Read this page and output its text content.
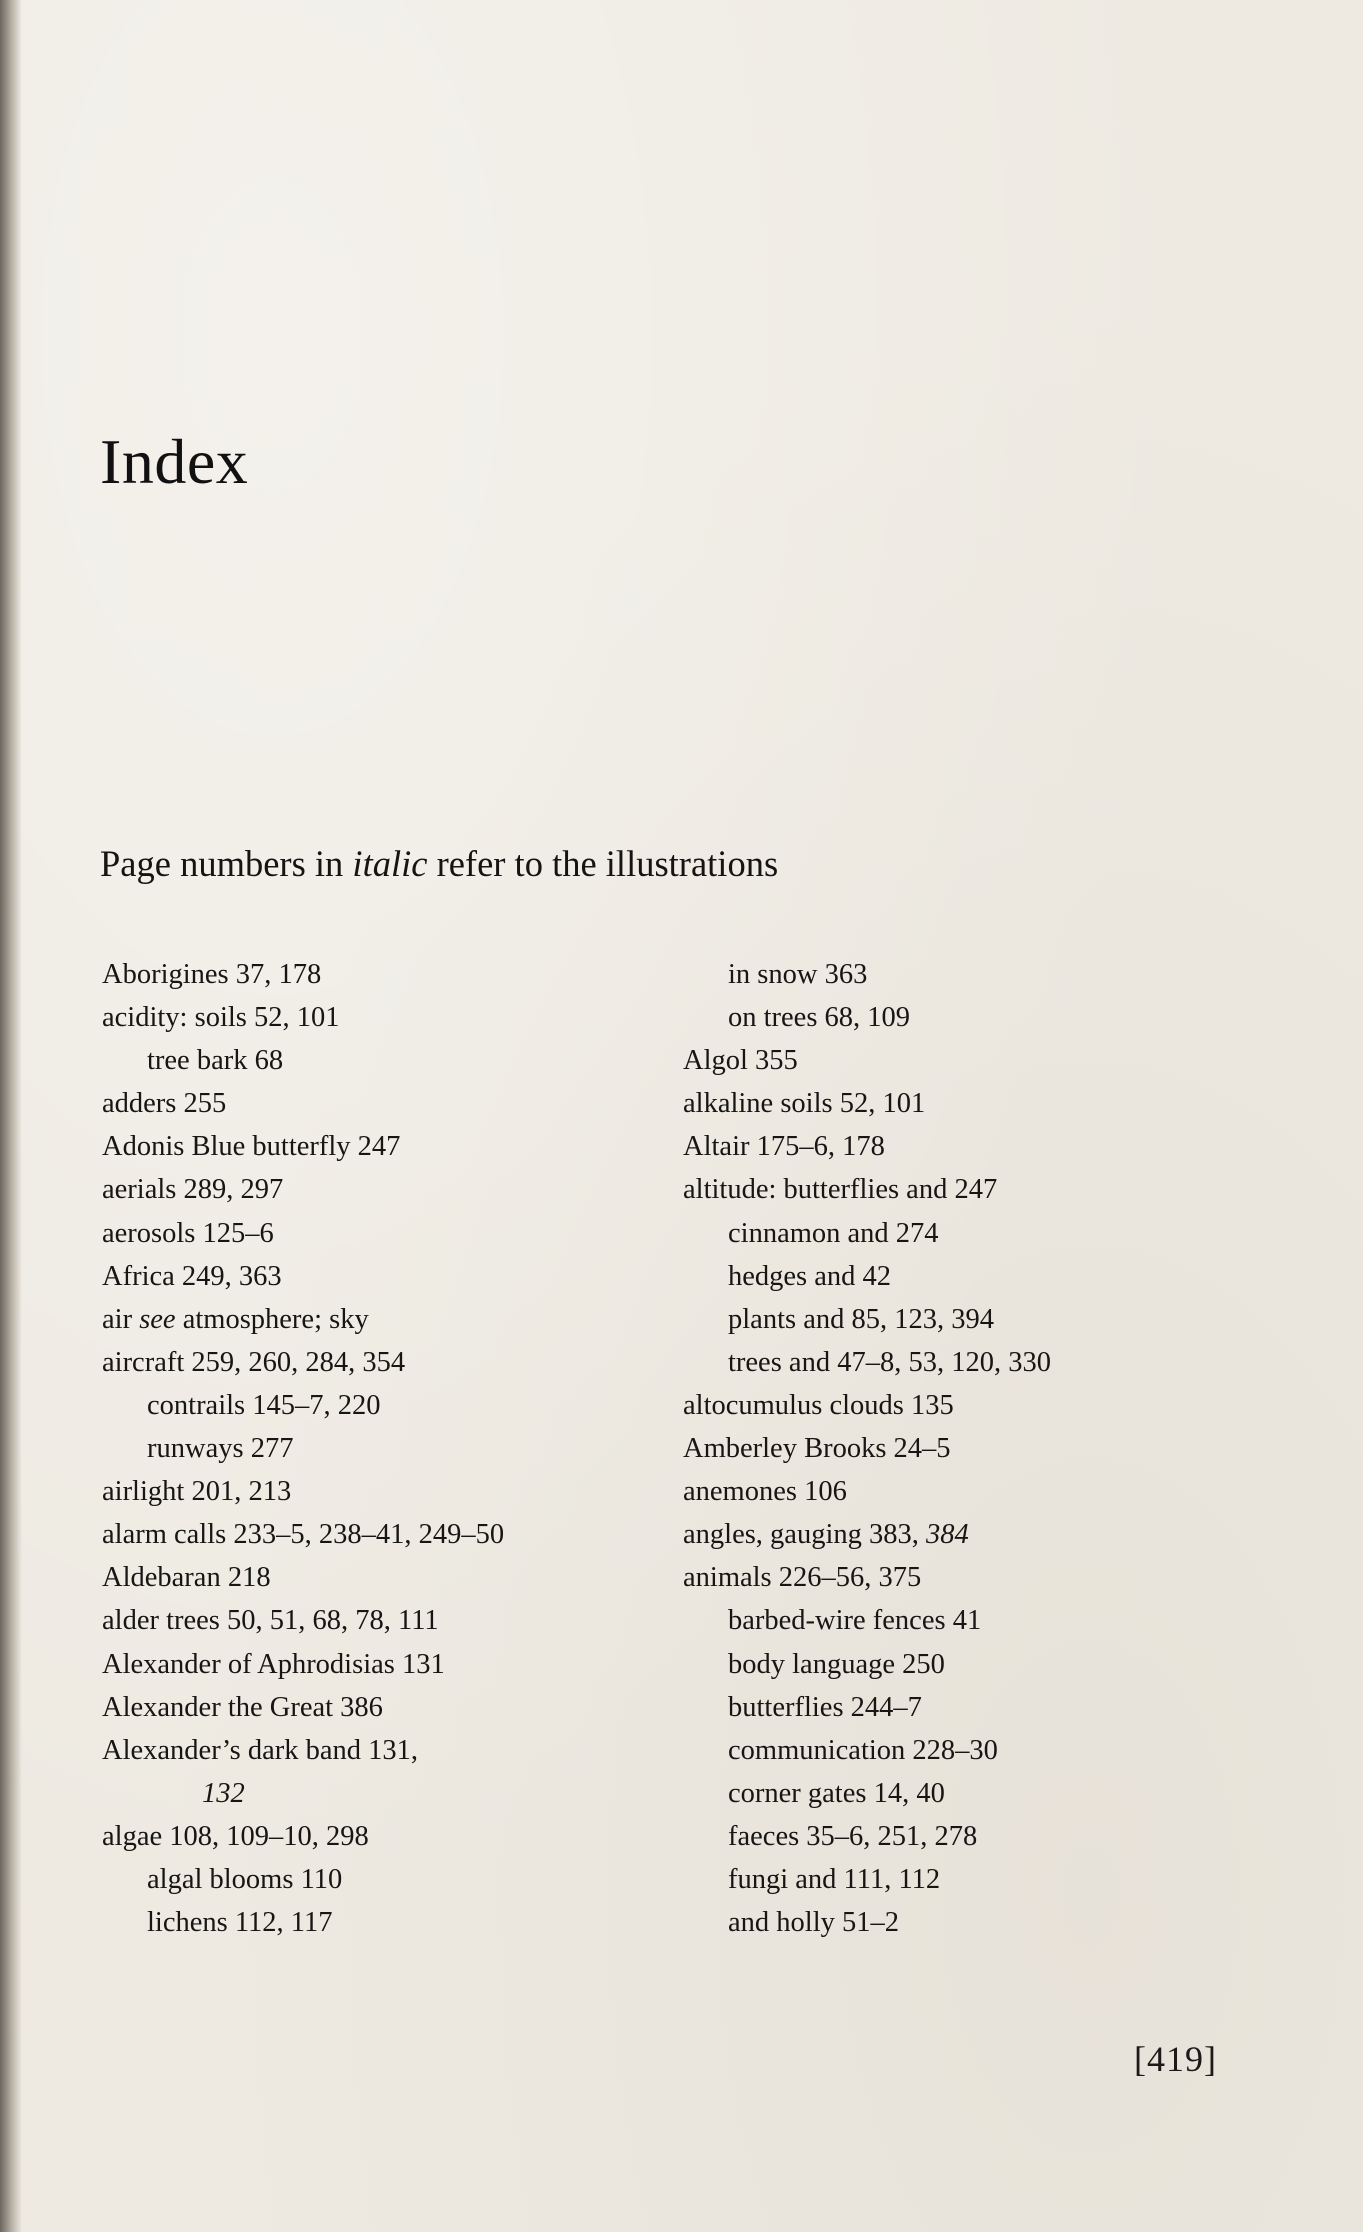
Index

Page numbers in italic refer to the illustrations

Aborigines 37, 178
acidity: soils 52, 101
tree bark 68
adders 255
Adonis Blue butterfly 247
aerials 289, 297
aerosols 125–6
Africa 249, 363
air see atmosphere; sky
aircraft 259, 260, 284, 354
contrails 145–7, 220
runways 277
airlight 201, 213
alarm calls 233–5, 238–41, 249–50
Aldebaran 218
alder trees 50, 51, 68, 78, 111
Alexander of Aphrodisias 131
Alexander the Great 386
Alexander’s dark band 131,
132
algae 108, 109–10, 298
algal blooms 110
lichens 112, 117
in snow 363
on trees 68, 109
Algol 355
alkaline soils 52, 101
Altair 175–6, 178
altitude: butterflies and 247
cinnamon and 274
hedges and 42
plants and 85, 123, 394
trees and 47–8, 53, 120, 330
altocumulus clouds 135
Amberley Brooks 24–5
anemones 106
angles, gauging 383, 384
animals 226–56, 375
barbed-wire fences 41
body language 250
butterflies 244–7
communication 228–30
corner gates 14, 40
faeces 35–6, 251, 278
fungi and 111, 112
and holly 51–2
[419]
